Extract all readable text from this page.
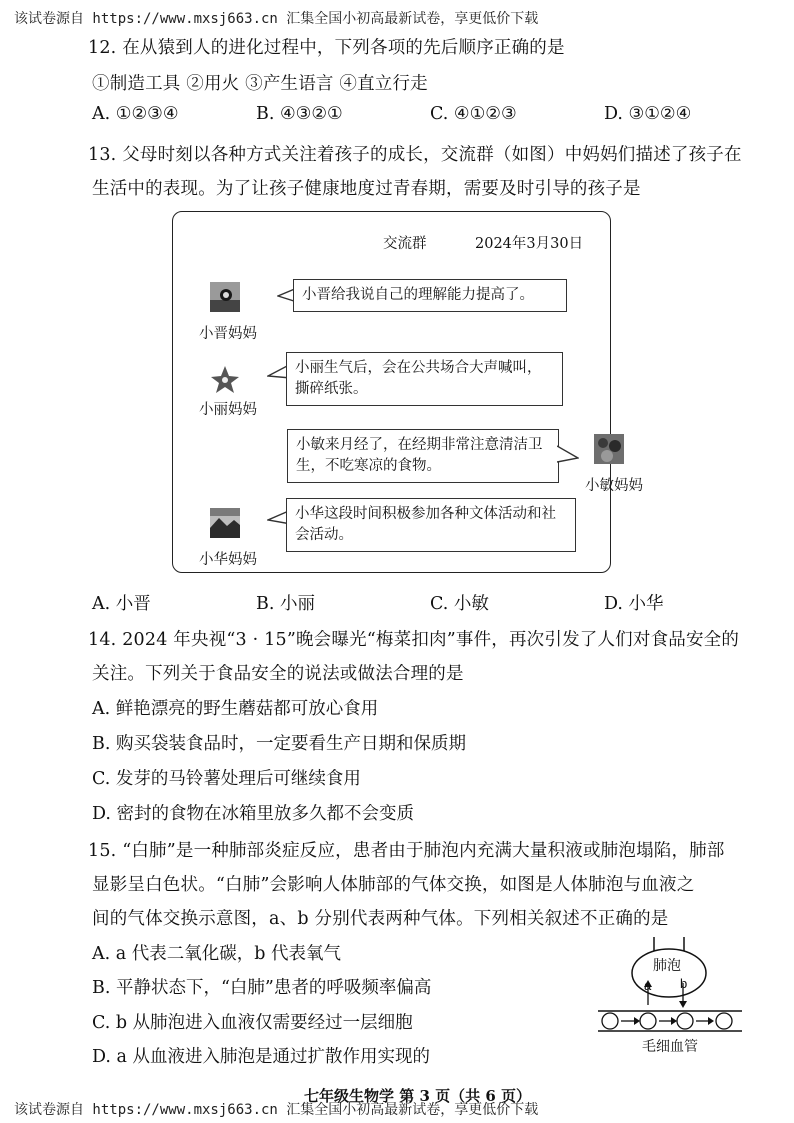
该试卷源自 https://www.mxsj663.cn 汇集全国小初高最新试卷，享更低价下载
12. 在从猿到人的进化过程中，下列各项的先后顺序正确的是
①制造工具 ②用火 ③产生语言 ④直立行走
A. ①②③④	B. ④③②①	C. ④①②③	D. ③①②④
13. 父母时刻以各种方式关注着孩子的成长，交流群（如图）中妈妈们描述了孩子在
生活中的表现。为了让孩子健康地度过青春期，需要及时引导的孩子是
交流群	2024年3月30日
小晋妈妈
小晋给我说自己的理解能力提高了。
小丽妈妈
小丽生气后，会在公共场合大声喊叫，撕碎纸张。
小敏来月经了，在经期非常注意清洁卫生，不吃寒凉的食物。
小敏妈妈
小华妈妈
小华这段时间积极参加各种文体活动和社会活动。
A. 小晋	B. 小丽	C. 小敏	D. 小华
14. 2024 年央视“3 · 15”晚会曝光“梅菜扣肉”事件，再次引发了人们对食品安全的
关注。下列关于食品安全的说法或做法合理的是
A. 鲜艳漂亮的野生蘑菇都可放心食用
B. 购买袋装食品时，一定要看生产日期和保质期
C. 发芽的马铃薯处理后可继续食用
D. 密封的食物在冰箱里放多久都不会变质
15. “白肺”是一种肺部炎症反应，患者由于肺泡内充满大量积液或肺泡塌陷，肺部
显影呈白色状。“白肺”会影响人体肺部的气体交换，如图是人体肺泡与血液之
间的气体交换示意图，a、b 分别代表两种气体。下列相关叙述不正确的是
A. a 代表二氧化碳，b 代表氧气
B. 平静状态下，“白肺”患者的呼吸频率偏高
C. b 从肺泡进入血液仅需要经过一层细胞
D. a 从血液进入肺泡是通过扩散作用实现的
肺泡
a b
毛细血管
七年级生物学 第 3 页（共 6 页）
该试卷源自 https://www.mxsj663.cn 汇集全国小初高最新试卷，享更低价下载
